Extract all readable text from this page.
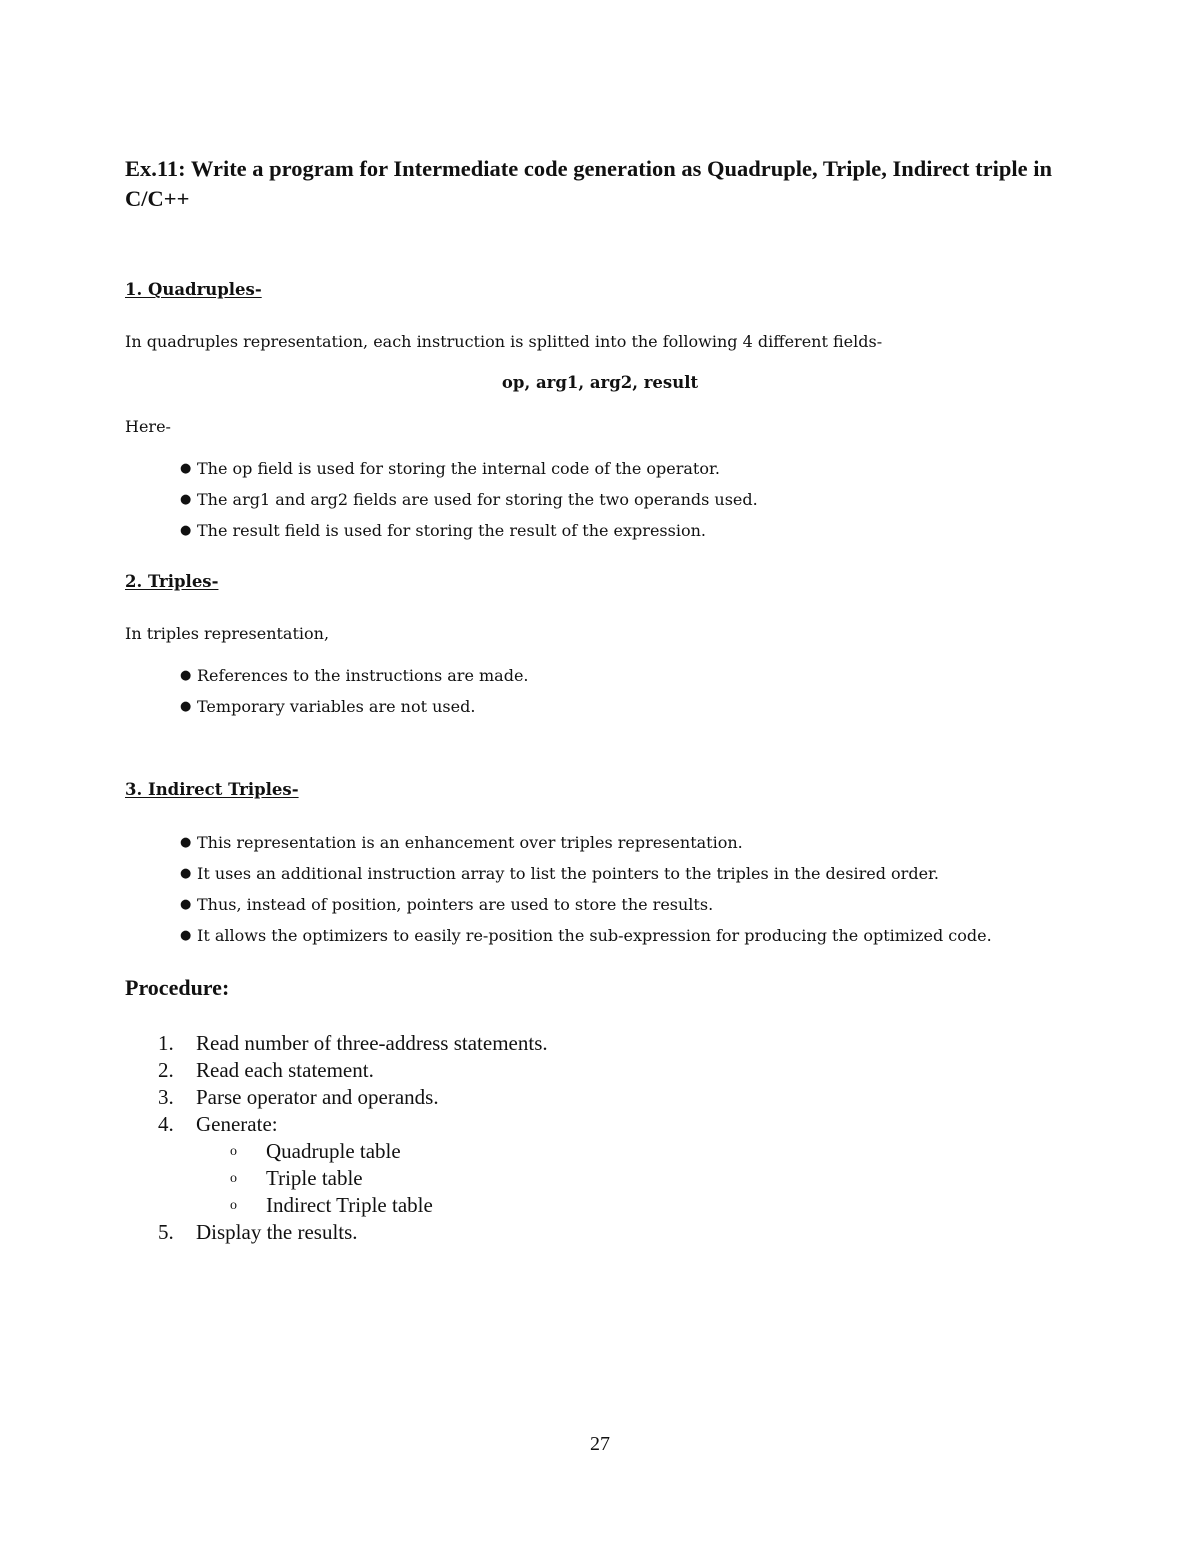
Ex.11: Write a program for Intermediate code generation as Quadruple, Triple, Indirect triple in C/C++
1. Quadruples-
In quadruples representation, each instruction is splitted into the following 4 different fields-
op, arg1, arg2, result
Here-
● The op field is used for storing the internal code of the operator.
● The arg1 and arg2 fields are used for storing the two operands used.
● The result field is used for storing the result of the expression.
2. Triples-
In triples representation,
● References to the instructions are made.
● Temporary variables are not used.
3. Indirect Triples-
● This representation is an enhancement over triples representation.
● It uses an additional instruction array to list the pointers to the triples in the desired order.
● Thus, instead of position, pointers are used to store the results.
● It allows the optimizers to easily re-position the sub-expression for producing the optimized code.
Procedure:
1.	Read number of three-address statements.
2.	Read each statement.
3.	Parse operator and operands.
4.	Generate:
o	Quadruple table
o	Triple table
o	Indirect Triple table
5.	Display the results.
27
